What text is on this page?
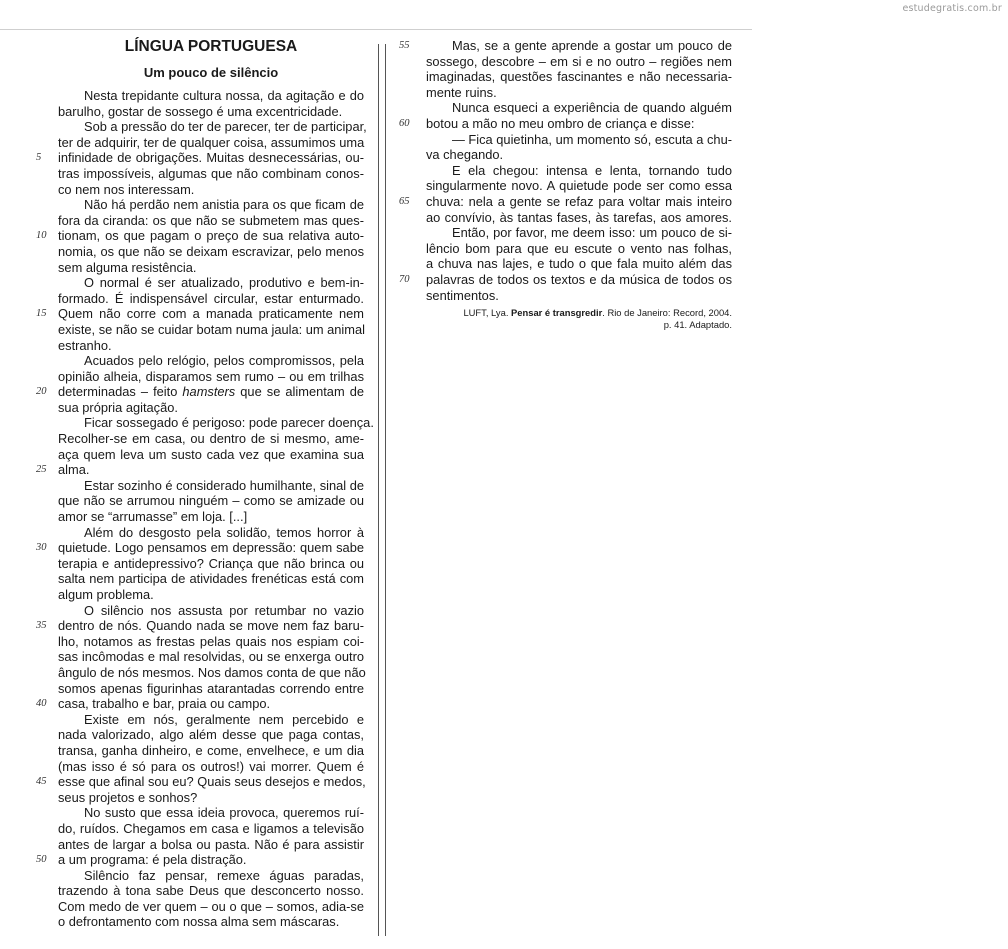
estudegratis.com.br
LÍNGUA PORTUGUESA
Um pouco de silêncio
Nesta trepidante cultura nossa, da agitação e do
barulho, gostar de sossego é uma excentricidade.
Sob a pressão do ter de parecer, ter de participar,
ter de adquirir, ter de qualquer coisa, assumimos uma
5	infinidade de obrigações. Muitas desnecessárias, ou-
tras impossíveis, algumas que não combinam conos-
co nem nos interessam.
Não há perdão nem anistia para os que ficam de
fora da ciranda: os que não se submetem mas ques-
10 tionam, os que pagam o preço de sua relativa auto-
nomia, os que não se deixam escravizar, pelo menos
sem alguma resistência.
O normal é ser atualizado, produtivo e bem-in-
formado. É indispensável circular, estar enturmado.
15 Quem não corre com a manada praticamente nem
existe, se não se cuidar botam numa jaula: um animal
estranho.
Acuados pelo relógio, pelos compromissos, pela
opinião alheia, disparamos sem rumo – ou em trilhas
20 determinadas – feito hamsters que se alimentam de
sua própria agitação.
Ficar sossegado é perigoso: pode parecer doença.
Recolher-se em casa, ou dentro de si mesmo, ame-
aça quem leva um susto cada vez que examina sua
25 alma.
Estar sozinho é considerado humilhante, sinal de
que não se arrumou ninguém – como se amizade ou
amor se “arrumasse” em loja. [...]
Além do desgosto pela solidão, temos horror à
30 quietude. Logo pensamos em depressão: quem sabe
terapia e antidepressivo? Criança que não brinca ou
salta nem participa de atividades frenéticas está com
algum problema.
O silêncio nos assusta por retumbar no vazio
35 dentro de nós. Quando nada se move nem faz baru-
lho, notamos as frestas pelas quais nos espiam coi-
sas incômodas e mal resolvidas, ou se enxerga outro
ângulo de nós mesmos. Nos damos conta de que não
somos apenas figurinhas atarantadas correndo entre
40 casa, trabalho e bar, praia ou campo.
Existe em nós, geralmente nem percebido e
nada valorizado, algo além desse que paga contas,
transa, ganha dinheiro, e come, envelhece, e um dia
(mas isso é só para os outros!) vai morrer. Quem é
45 esse que afinal sou eu? Quais seus desejos e medos,
seus projetos e sonhos?
No susto que essa ideia provoca, queremos ruí-
do, ruídos. Chegamos em casa e ligamos a televisão
antes de largar a bolsa ou pasta. Não é para assistir
50 a um programa: é pela distração.
Silêncio faz pensar, remexe águas paradas,
trazendo à tona sabe Deus que desconcerto nosso.
Com medo de ver quem – ou o que – somos, adia-se
o defrontamento com nossa alma sem máscaras.
55	Mas, se a gente aprende a gostar um pouco de
sossego, descobre – em si e no outro – regiões nem
imaginadas, questões fascinantes e não necessaria-
mente ruins.
Nunca esqueci a experiência de quando alguém
60 botou a mão no meu ombro de criança e disse:
— Fica quietinha, um momento só, escuta a chu-
va chegando.
E ela chegou: intensa e lenta, tornando tudo
singularmente novo. A quietude pode ser como essa
65 chuva: nela a gente se refaz para voltar mais inteiro
ao convívio, às tantas fases, às tarefas, aos amores.
Então, por favor, me deem isso: um pouco de si-
lêncio bom para que eu escute o vento nas folhas,
a chuva nas lajes, e tudo o que fala muito além das
70 palavras de todos os textos e da música de todos os
sentimentos.
LUFT, Lya. Pensar é transgredir. Rio de Janeiro: Record, 2004.
p. 41. Adaptado.
